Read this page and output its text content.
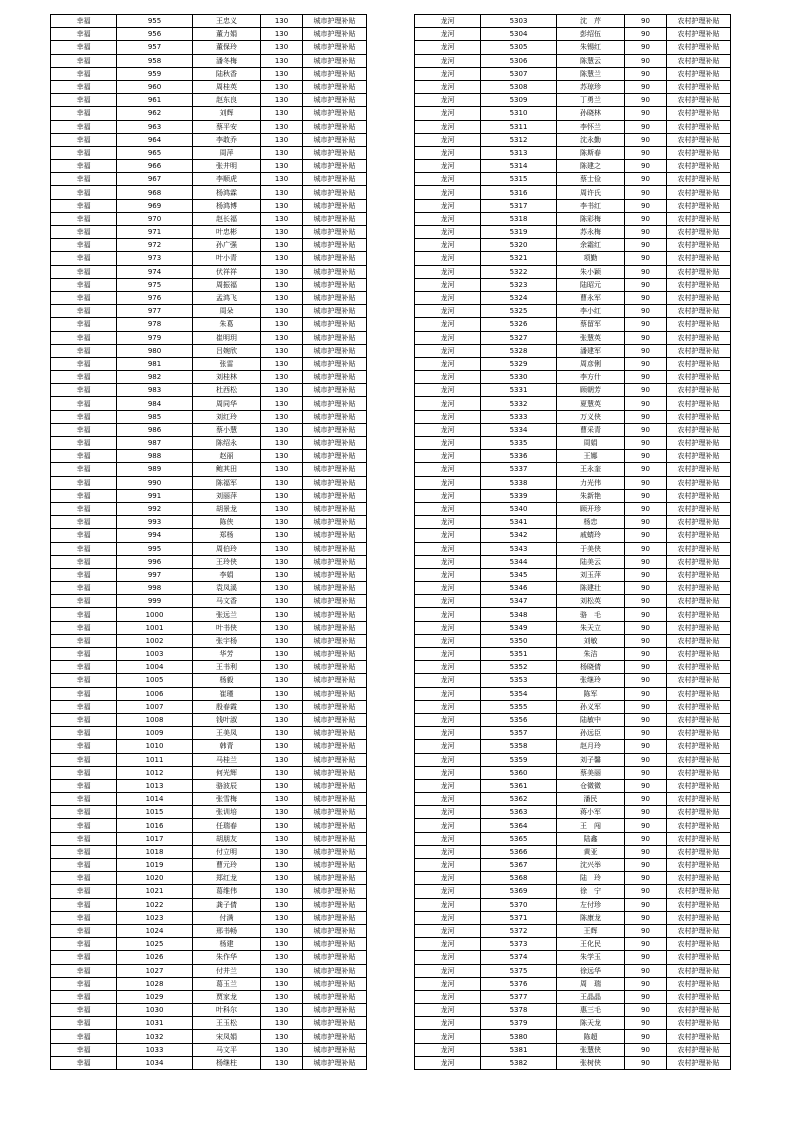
幸福	955	王忠义	130	城市护理补贴
幸福	956	董力娟	130	城市护理补贴
幸福	957	董保玲	130	城市护理补贴
幸福	958	潘冬梅	130	城市护理补贴
幸福	959	陆秋香	130	城市护理补贴
幸福	960	周桂英	130	城市护理补贴
幸福	961	赵东良	130	城市护理补贴
幸福	962	刘辉	130	城市护理补贴
幸福	963	蔡平安	130	城市护理补贴
幸福	964	李敢乔	130	城市护理补贴
幸福	965	周萍	130	城市护理补贴
幸福	966	张井明	130	城市护理补贴
幸福	967	李顺虎	130	城市护理补贴
幸福	968	杨鸿霖	130	城市护理补贴
幸福	969	杨鸿博	130	城市护理补贴
幸福	970	赵长福	130	城市护理补贴
幸福	971	叶忠彬	130	城市护理补贴
幸福	972	孙广强	130	城市护理补贴
幸福	973	叶小青	130	城市护理补贴
幸福	974	伏祥祥	130	城市护理补贴
幸福	975	周振福	130	城市护理补贴
幸福	976	孟鸿飞	130	城市护理补贴
幸福	977	周朵	130	城市护理补贴
幸福	978	朱葛	130	城市护理补贴
幸福	979	崔明玥	130	城市护理补贴
幸福	980	吕婉欣	130	城市护理补贴
幸福	981	张雷	130	城市护理补贴
幸福	982	刘桂林	130	城市护理补贴
幸福	983	杜西松	130	城市护理补贴
幸福	984	周同华	130	城市护理补贴
幸福	985	刘红玲	130	城市护理补贴
幸福	986	蔡小慧	130	城市护理补贴
幸福	987	陈绍永	130	城市护理补贴
幸福	988	赵丽	130	城市护理补贴
幸福	989	鲍其田	130	城市护理补贴
幸福	990	陈福军	130	城市护理补贴
幸福	991	刘丽萍	130	城市护理补贴
幸福	992	胡景龙	130	城市护理补贴
幸福	993	陈侠	130	城市护理补贴
幸福	994	郑杨	130	城市护理补贴
幸福	995	周伯玲	130	城市护理补贴
幸福	996	王玲侠	130	城市护理补贴
幸福	997	李娟	130	城市护理补贴
幸福	998	袁凤溪	130	城市护理补贴
幸福	999	马文香	130	城市护理补贴
幸福	1000	张远兰	130	城市护理补贴
幸福	1001	叶书侠	130	城市护理补贴
幸福	1002	张宇杨	130	城市护理补贴
幸福	1003	华芳	130	城市护理补贴
幸福	1004	王书利	130	城市护理补贴
幸福	1005	杨毅	130	城市护理补贴
幸福	1006	崔瑾	130	城市护理补贴
幸福	1007	殷春霞	130	城市护理补贴
幸福	1008	钱叶淑	130	城市护理补贴
幸福	1009	王美凤	130	城市护理补贴
幸福	1010	韩青	130	城市护理补贴
幸福	1011	马桂兰	130	城市护理补贴
幸福	1012	何光辉	130	城市护理补贴
幸福	1013	骆波辰	130	城市护理补贴
幸福	1014	张雪梅	130	城市护理补贴
幸福	1015	张训培	130	城市护理补贴
幸福	1016	任瑞春	130	城市护理补贴
幸福	1017	胡朋友	130	城市护理补贴
幸福	1018	付立明	130	城市护理补贴
幸福	1019	曹元玲	130	城市护理补贴
幸福	1020	郑红龙	130	城市护理补贴
幸福	1021	葛维伟	130	城市护理补贴
幸福	1022	龚子倩	130	城市护理补贴
幸福	1023	付满	130	城市护理补贴
幸福	1024	邢书畅	130	城市护理补贴
幸福	1025	杨建	130	城市护理补贴
幸福	1026	朱作华	130	城市护理补贴
幸福	1027	付井兰	130	城市护理补贴
幸福	1028	葛玉兰	130	城市护理补贴
幸福	1029	贾家龙	130	城市护理补贴
幸福	1030	叶科尔	130	城市护理补贴
幸福	1031	王玉松	130	城市护理补贴
幸福	1032	宋凤娟	130	城市护理补贴
幸福	1033	马文平	130	城市护理补贴
幸福	1034	杨继柱	130	城市护理补贴
龙河	5303	沈　芹	90	农村护理补贴
龙河	5304	彭绍伍	90	农村护理补贴
龙河	5305	朱锡红	90	农村护理补贴
龙河	5306	陈慧云	90	农村护理补贴
龙河	5307	陈慧兰	90	农村护理补贴
龙河	5308	苏琼珍	90	农村护理补贴
龙河	5309	丁勇兰	90	农村护理补贴
龙河	5310	孙晓林	90	农村护理补贴
龙河	5311	李怀兰	90	农村护理补贴
龙河	5312	沈永勤	90	农村护理补贴
龙河	5313	陈斯春	90	农村护理补贴
龙河	5314	陈建之	90	农村护理补贴
龙河	5315	蔡士俭	90	农村护理补贴
龙河	5316	周许氏	90	农村护理补贴
龙河	5317	李书红	90	农村护理补贴
龙河	5318	陈彩梅	90	农村护理补贴
龙河	5319	苏永梅	90	农村护理补贴
龙河	5320	余霜红	90	农村护理补贴
龙河	5321	项勤	90	农村护理补贴
龙河	5322	朱小颖	90	农村护理补贴
龙河	5323	陆昭元	90	农村护理补贴
龙河	5324	曹永军	90	农村护理补贴
龙河	5325	李小红	90	农村护理补贴
龙河	5326	蔡留军	90	农村护理补贴
龙河	5327	张慧英	90	农村护理补贴
龙河	5328	潘建军	90	农村护理补贴
龙河	5329	周彦俐	90	农村护理补贴
龙河	5330	李方什	90	农村护理补贴
龙河	5331	顾朝芳	90	农村护理补贴
龙河	5332	夏慧英	90	农村护理补贴
龙河	5333	万义侠	90	农村护理补贴
龙河	5334	曹采青	90	农村护理补贴
龙河	5335	周娟	90	农村护理补贴
龙河	5336	王娜	90	农村护理补贴
龙河	5337	王永奎	90	农村护理补贴
龙河	5338	力光伟	90	农村护理补贴
龙河	5339	朱新艳	90	农村护理补贴
龙河	5340	顾开珍	90	农村护理补贴
龙河	5341	杨忠	90	农村护理补贴
龙河	5342	戚蜻玲	90	农村护理补贴
龙河	5343	于美侠	90	农村护理补贴
龙河	5344	陆美云	90	农村护理补贴
龙河	5345	刘玉萍	90	农村护理补贴
龙河	5346	陈建壮	90	农村护理补贴
龙河	5347	刘松英	90	农村护理补贴
龙河	5348	骆　毛	90	农村护理补贴
龙河	5349	朱天立	90	农村护理补贴
龙河	5350	刘敏	90	农村护理补贴
龙河	5351	朱洁	90	农村护理补贴
龙河	5352	杨晓倩	90	农村护理补贴
龙河	5353	张继玲	90	农村护理补贴
龙河	5354	陈军	90	农村护理补贴
龙河	5355	孙义军	90	农村护理补贴
龙河	5356	陆敏中	90	农村护理补贴
龙河	5357	孙远臣	90	农村护理补贴
龙河	5358	赵月玲	90	农村护理补贴
龙河	5359	刘子馨	90	农村护理补贴
龙河	5360	蔡美丽	90	农村护理补贴
龙河	5361	仓微微	90	农村护理补贴
龙河	5362	潘民	90	农村护理补贴
龙河	5363	蒋小军	90	农村护理补贴
龙河	5364	王　闯	90	农村护理补贴
龙河	5365	陆鑫	90	农村护理补贴
龙河	5366	黄亚	90	农村护理补贴
龙河	5367	沈兴举	90	农村护理补贴
龙河	5368	陆　玲	90	农村护理补贴
龙河	5369	徐　宁	90	农村护理补贴
龙河	5370	左付珍	90	农村护理补贴
龙河	5371	陈康龙	90	农村护理补贴
龙河	5372	王辉	90	农村护理补贴
龙河	5373	王化民	90	农村护理补贴
龙河	5374	朱学玉	90	农村护理补贴
龙河	5375	徐远华	90	农村护理补贴
龙河	5376	周　瑞	90	农村护理补贴
龙河	5377	王晶晶	90	农村护理补贴
龙河	5378	惠三毛	90	农村护理补贴
龙河	5379	陈天龙	90	农村护理补贴
龙河	5380	陈超	90	农村护理补贴
龙河	5381	张慧侠	90	农村护理补贴
龙河	5382	张树侠	90	农村护理补贴
